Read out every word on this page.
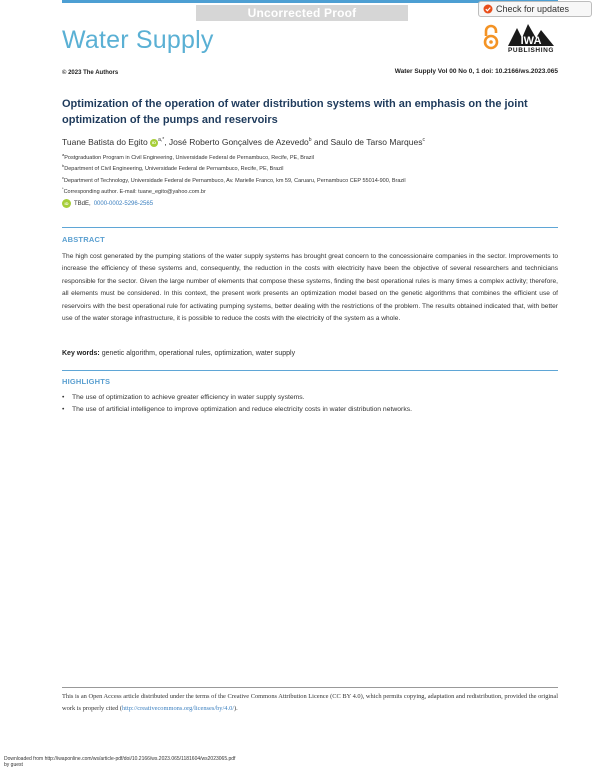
Uncorrected Proof	Check for updates
Water Supply	IWA
PUBLISHING
© 2023 The Authors	Water Supply Vol 00 No 0, 1 doi: 10.2166/ws.2023.065
Optimization of the operation of water distribution systems with an emphasis on the joint optimization of the pumps and reservoirs
Tuane Batista do Egito iD $^{a,*}$, José Roberto Gonçalves de Azevedo$^b$ and Saulo de Tarso Marques$^c$
$^a$Postgraduation Program in Civil Engineering, Universidade Federal de Pernambuco, Recife, PE, Brazil
$^b$Department of Civil Engineering, Universidade Federal de Pernambuco, Recife, PE, Brazil
$^c$Department of Technology, Universidade Federal de Pernambuco, Av. Marielle Franco, km 59, Caruaru, Pernambuco CEP 55014-900, Brazil
*Corresponding author. E-mail: tuane_egito@yahoo.com.br
iD TBdE, 0000-0002-5296-2565
ABSTRACT
The high cost generated by the pumping stations of the water supply systems has brought great concern to the concessionaire companies in the sector. Improvements to increase the efficiency of these systems and, consequently, the reduction in the costs with electricity have been the objective of several researchers and technicians responsible for the sector. Given the large number of elements that compose these systems, finding the best operational rules is many times a complex activity; therefore, all elements must be considered. In this context, the present work presents an optimization model based on the genetic algorithms that combines the efficient use of reservoirs with the best operational rule for activating pumping systems, better dealing with the restrictions of the problem. The results obtained indicated that, with better use of the water storage infrastructure, it is possible to reduce the costs with the electricity of the system as a whole.
Key words: genetic algorithm, operational rules, optimization, water supply
HIGHLIGHTS
• The use of optimization to achieve greater efficiency in water supply systems.
• The use of artificial intelligence to improve optimization and reduce electricity costs in water distribution networks.
This is an Open Access article distributed under the terms of the Creative Commons Attribution Licence (CC BY 4.0), which permits copying, adaptation and redistribution, provided the original work is properly cited (http://creativecommons.org/licenses/by/4.0/).
Downloaded from http://iwaponline.com/ws/article-pdf/doi/10.2166/ws.2023.065/1181604/ws2023065.pdf
by guest
